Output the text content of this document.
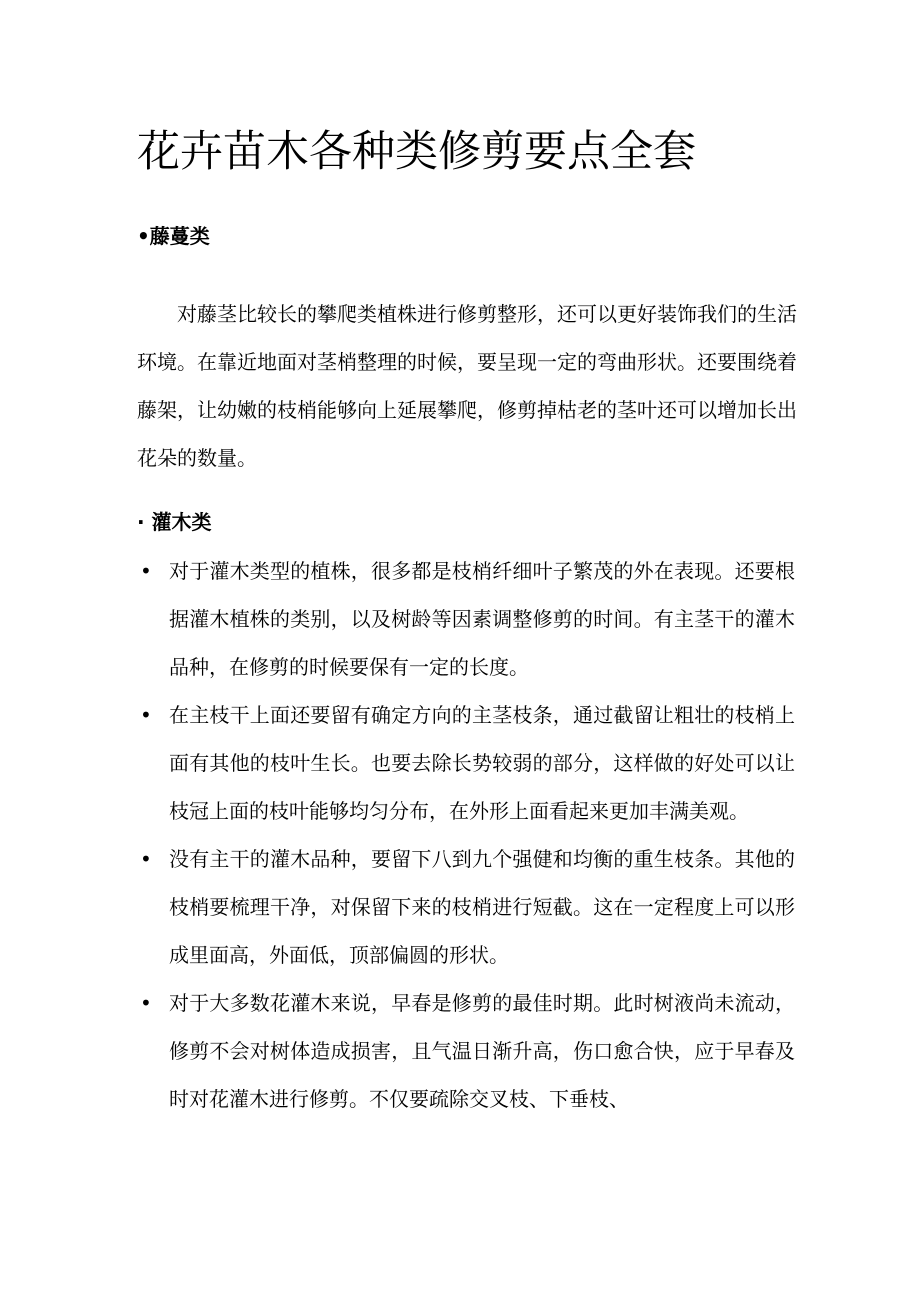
花卉苗木各种类修剪要点全套
•藤蔓类

对藤茎比较长的攀爬类植株进行修剪整形，还可以更好装饰我们的生活环境。在靠近地面对茎梢整理的时候，要呈现一定的弯曲形状。还要围绕着藤架，让幼嫩的枝梢能够向上延展攀爬，修剪掉枯老的茎叶还可以增加长出花朵的数量。

· 灌木类
• 对于灌木类型的植株，很多都是枝梢纤细叶子繁茂的外在表现。还要根据灌木植株的类别，以及树龄等因素调整修剪的时间。有主茎干的灌木品种，在修剪的时候要保有一定的长度。
• 在主枝干上面还要留有确定方向的主茎枝条，通过截留让粗壮的枝梢上面有其他的枝叶生长。也要去除长势较弱的部分，这样做的好处可以让枝冠上面的枝叶能够均匀分布，在外形上面看起来更加丰满美观。
• 没有主干的灌木品种，要留下八到九个强健和均衡的重生枝条。其他的枝梢要梳理干净，对保留下来的枝梢进行短截。这在一定程度上可以形成里面高，外面低，顶部偏圆的形状。
• 对于大多数花灌木来说，早春是修剪的最佳时期。此时树液尚未流动，修剪不会对树体造成损害，且气温日渐升高，伤口愈合快，应于早春及时对花灌木进行修剪。不仅要疏除交叉枝、下垂枝、
